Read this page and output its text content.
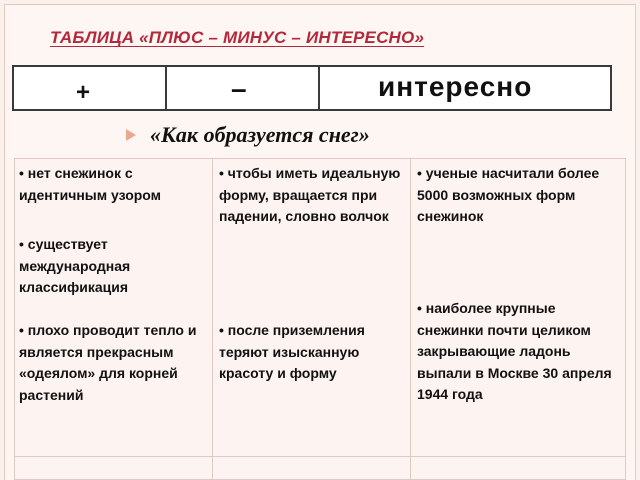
ТАБЛИЦА «ПЛЮС – МИНУС – ИНТЕРЕСНО»
+	–	интересно
«Как образуется снег»
• нет снежинок с идентичным узором
• существует международная классификация
• плохо проводит тепло и является прекрасным «одеялом» для корней растений
• чтобы иметь идеальную форму, вращается при падении, словно волчок
• после приземления теряют изысканную красоту и форму
• ученые насчитали более 5000 возможных форм снежинок
• наиболее крупные снежинки почти целиком закрывающие ладонь выпали в Москве 30 апреля 1944 года
